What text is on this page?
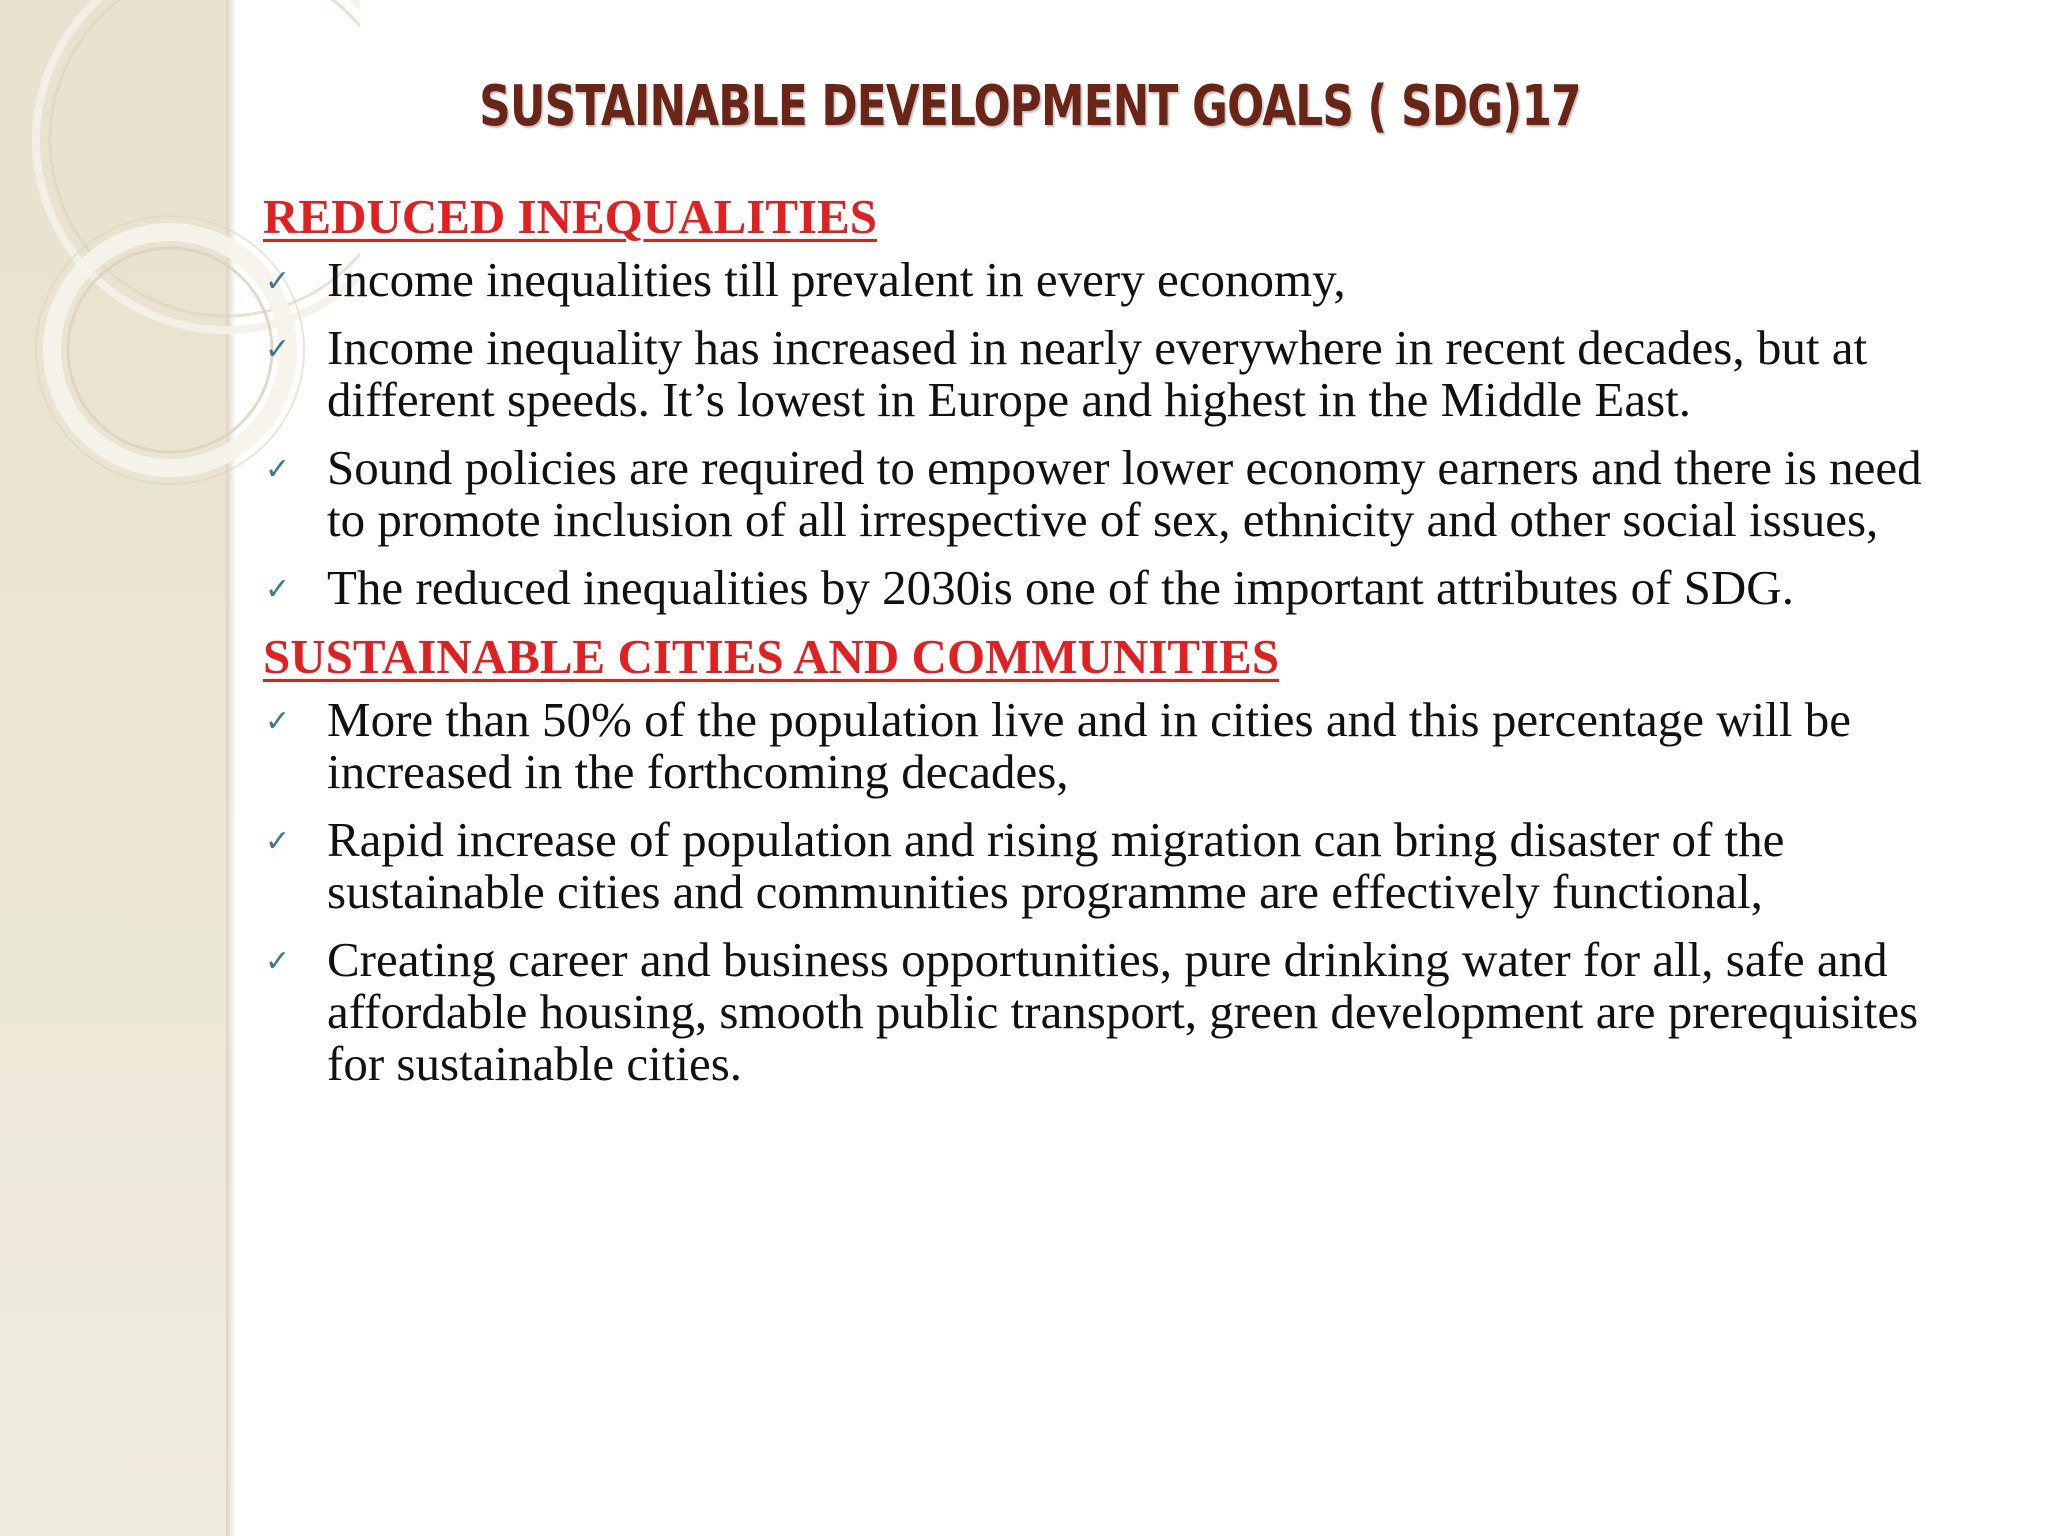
SUSTAINABLE DEVELOPMENT GOALS ( SDG)17
REDUCED INEQUALITIES
✓ Income inequalities till prevalent in every economy,
✓ Income inequality has increased in nearly everywhere in recent decades, but at different speeds. It’s lowest in Europe and highest in the Middle East.
✓ Sound policies are required to empower lower economy earners and there is need to promote inclusion of all irrespective of sex, ethnicity and other social issues,
✓ The reduced inequalities by 2030is one of the important attributes of SDG.
SUSTAINABLE CITIES AND COMMUNITIES
✓ More than 50% of the population live and in cities and this percentage will be increased in the forthcoming decades,
✓ Rapid increase of population and rising migration can bring disaster of the sustainable cities and communities programme are effectively functional,
✓ Creating career and business opportunities, pure drinking water for all, safe and affordable housing, smooth public transport, green development are prerequisites for sustainable cities.
